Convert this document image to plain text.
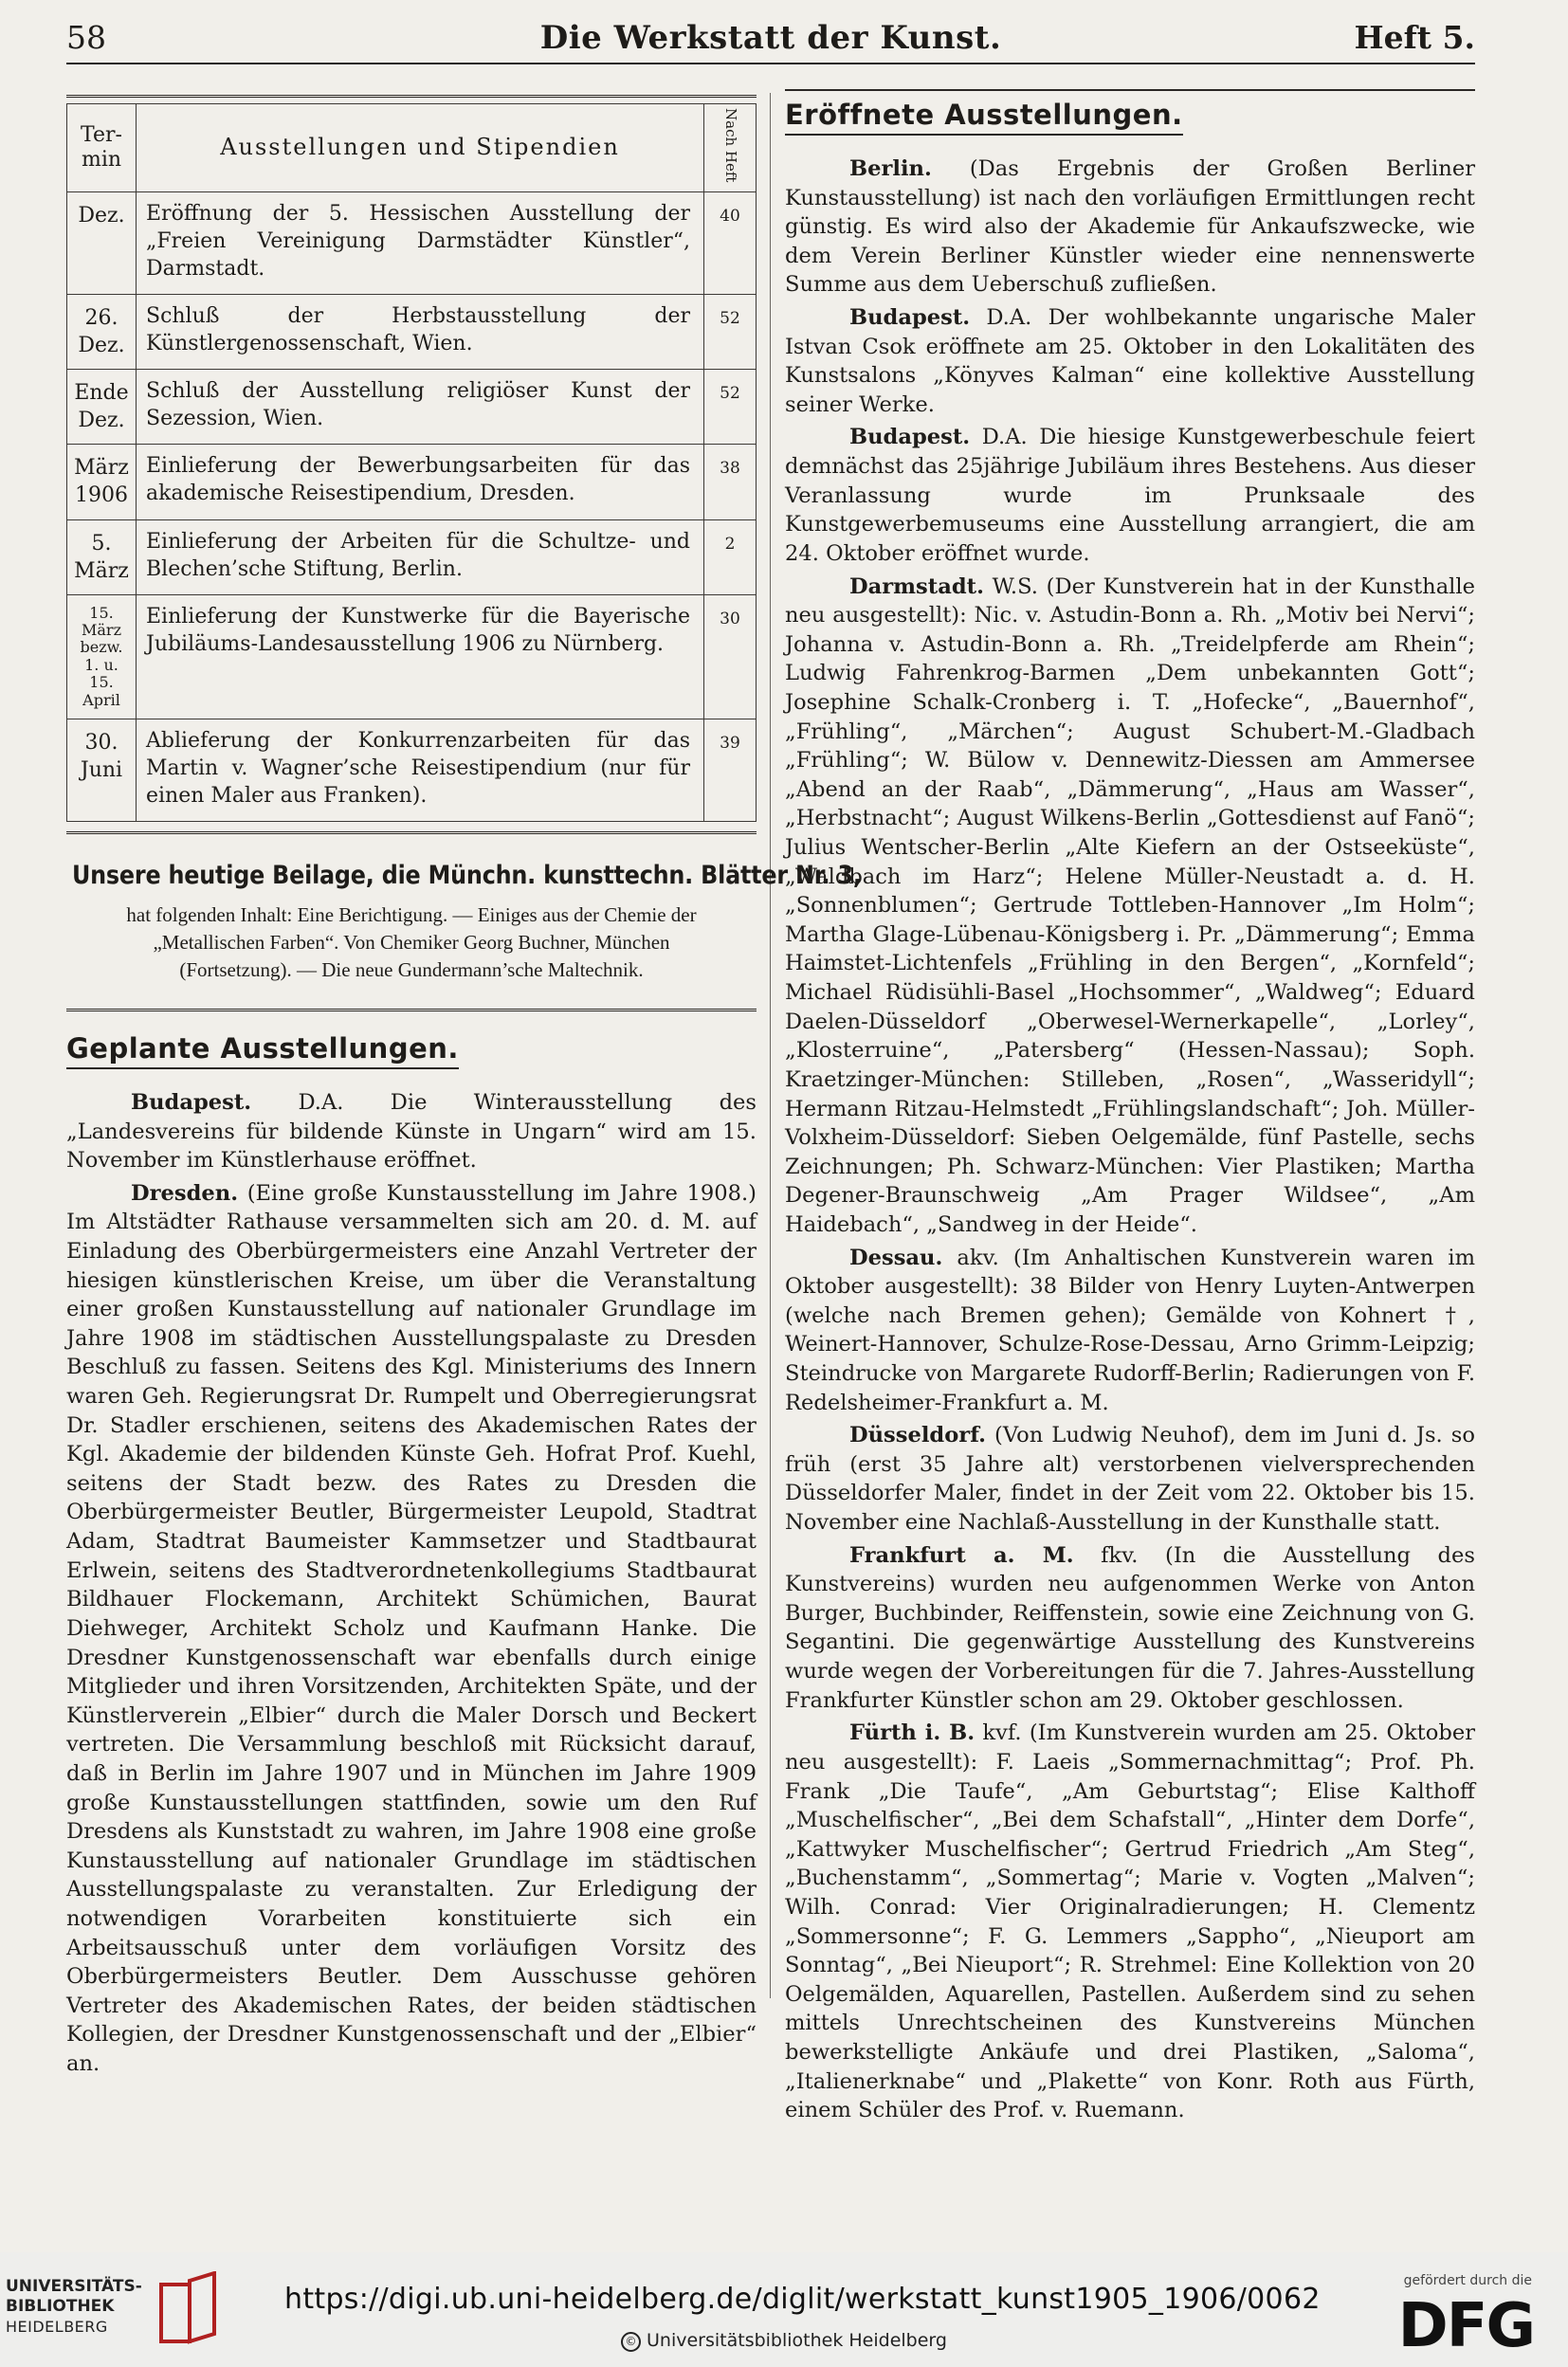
58	Die Werkstatt der Kunst.	Heft 5.
Ter-
min	Ausstellungen und Stipendien	Nach Heft
Dez.	Eröffnung der 5. Hessischen Ausstellung der „Freien Vereinigung Darmstädter Künstler“, Darmstadt.	40
26.
Dez.	Schluß der Herbstausstellung der Künstlergenossenschaft, Wien.	52
Ende
Dez.	Schluß der Ausstellung religiöser Kunst der Sezession, Wien.	52
März
1906	Einlieferung der Bewerbungsarbeiten für das akademische Reisestipendium, Dresden.	38
5.
März	Einlieferung der Arbeiten für die Schultze- und Blechen’sche Stiftung, Berlin.	2
15.
März
bezw.
1. u. 15.
April	Einlieferung der Kunstwerke für die Bayerische Jubiläums-Landesausstellung 1906 zu Nürnberg.	30
30.
Juni	Ablieferung der Konkurrenzarbeiten für das Martin v. Wagner’sche Reisestipendium (nur für einen Maler aus Franken).	39
Unsere heutige Beilage, die Münchn. kunsttechn. Blätter Nr. 3,
hat folgenden Inhalt: Eine Berichtigung. — Einiges aus der Chemie der „Metallischen Farben“. Von Chemiker Georg Buchner, München (Fortsetzung). — Die neue Gundermann’sche Maltechnik.
Geplante Ausstellungen.

Budapest. D.A. Die Winterausstellung des „Landesvereins für bildende Künste in Ungarn“ wird am 15. November im Künstlerhause eröffnet.

Dresden. (Eine große Kunstausstellung im Jahre 1908.) Im Altstädter Rathause versammelten sich am 20. d. M. auf Einladung des Oberbürgermeisters eine Anzahl Vertreter der hiesigen künstlerischen Kreise, um über die Veranstaltung einer großen Kunstausstellung auf nationaler Grundlage im Jahre 1908 im städtischen Ausstellungspalaste zu Dresden Beschluß zu fassen. Seitens des Kgl. Ministeriums des Innern waren Geh. Regierungsrat Dr. Rumpelt und Oberregierungsrat Dr. Stadler erschienen, seitens des Akademischen Rates der Kgl. Akademie der bildenden Künste Geh. Hofrat Prof. Kuehl, seitens der Stadt bezw. des Rates zu Dresden die Oberbürgermeister Beutler, Bürgermeister Leupold, Stadtrat Adam, Stadtrat Baumeister Kammsetzer und Stadtbaurat Erlwein, seitens des Stadtverordnetenkollegiums Stadtbaurat Bildhauer Flockemann, Architekt Schümichen, Baurat Diehweger, Architekt Scholz und Kaufmann Hanke. Die Dresdner Kunstgenossenschaft war ebenfalls durch einige Mitglieder und ihren Vorsitzenden, Architekten Späte, und der Künstlerverein „Elbier“ durch die Maler Dorsch und Beckert vertreten. Die Versammlung beschloß mit Rücksicht darauf, daß in Berlin im Jahre 1907 und in München im Jahre 1909 große Kunstausstellungen stattfinden, sowie um den Ruf Dresdens als Kunststadt zu wahren, im Jahre 1908 eine große Kunstausstellung auf nationaler Grundlage im städtischen Ausstellungspalaste zu veranstalten. Zur Erledigung der notwendigen Vorarbeiten konstituierte sich ein Arbeitsausschuß unter dem vorläufigen Vorsitz des Oberbürgermeisters Beutler. Dem Ausschusse gehören Vertreter des Akademischen Rates, der beiden städtischen Kollegien, der Dresdner Kunstgenossenschaft und der „Elbier“ an.

Eröffnete Ausstellungen.

Berlin. (Das Ergebnis der Großen Berliner Kunstausstellung) ist nach den vorläufigen Ermittlungen recht günstig. Es wird also der Akademie für Ankaufszwecke, wie dem Verein Berliner Künstler wieder eine nennenswerte Summe aus dem Ueberschuß zufließen.

Budapest. D.A. Der wohlbekannte ungarische Maler Istvan Csok eröffnete am 25. Oktober in den Lokalitäten des Kunstsalons „Könyves Kalman“ eine kollektive Ausstellung seiner Werke.

Budapest. D.A. Die hiesige Kunstgewerbeschule feiert demnächst das 25jährige Jubiläum ihres Bestehens. Aus dieser Veranlassung wurde im Prunksaale des Kunstgewerbemuseums eine Ausstellung arrangiert, die am 24. Oktober eröffnet wurde.

Darmstadt. W.S. (Der Kunstverein hat in der Kunsthalle neu ausgestellt): Nic. v. Astudin-Bonn a. Rh. „Motiv bei Nervi“; Johanna v. Astudin-Bonn a. Rh. „Treidelpferde am Rhein“; Ludwig Fahrenkrog-Barmen „Dem unbekannten Gott“; Josephine Schalk-Cronberg i. T. „Hofecke“, „Bauernhof“, „Frühling“, „Märchen“; August Schubert-M.-Gladbach „Frühling“; W. Bülow v. Dennewitz-Diessen am Ammersee „Abend an der Raab“, „Dämmerung“, „Haus am Wasser“, „Herbstnacht“; August Wilkens-Berlin „Gottesdienst auf Fanö“; Julius Wentscher-Berlin „Alte Kiefern an der Ostseeküste“, „Waldbach im Harz“; Helene Müller-Neustadt a. d. H. „Sonnenblumen“; Gertrude Tottleben-Hannover „Im Holm“; Martha Glage-Lübenau-Königsberg i. Pr. „Dämmerung“; Emma Haimstet-Lichtenfels „Frühling in den Bergen“, „Kornfeld“; Michael Rüdisühli-Basel „Hochsommer“, „Waldweg“; Eduard Daelen-Düsseldorf „Oberwesel-Wernerkapelle“, „Lorley“, „Klosterruine“, „Patersberg“ (Hessen-Nassau); Soph. Kraetzinger-München: Stilleben, „Rosen“, „Wasseridyll“; Hermann Ritzau-Helmstedt „Frühlingslandschaft“; Joh. Müller-Volxheim-Düsseldorf: Sieben Oelgemälde, fünf Pastelle, sechs Zeichnungen; Ph. Schwarz-München: Vier Plastiken; Martha Degener-Braunschweig „Am Prager Wildsee“, „Am Haidebach“, „Sandweg in der Heide“.

Dessau. akv. (Im Anhaltischen Kunstverein waren im Oktober ausgestellt): 38 Bilder von Henry Luyten-Antwerpen (welche nach Bremen gehen); Gemälde von Kohnert †, Weinert-Hannover, Schulze-Rose-Dessau, Arno Grimm-Leipzig; Steindrucke von Margarete Rudorff-Berlin; Radierungen von F. Redelsheimer-Frankfurt a. M.

Düsseldorf. (Von Ludwig Neuhof), dem im Juni d. Js. so früh (erst 35 Jahre alt) verstorbenen vielversprechenden Düsseldorfer Maler, findet in der Zeit vom 22. Oktober bis 15. November eine Nachlaß-Ausstellung in der Kunsthalle statt.

Frankfurt a. M. fkv. (In die Ausstellung des Kunstvereins) wurden neu aufgenommen Werke von Anton Burger, Buchbinder, Reiffenstein, sowie eine Zeichnung von G. Segantini. Die gegenwärtige Ausstellung des Kunstvereins wurde wegen der Vorbereitungen für die 7. Jahres-Ausstellung Frankfurter Künstler schon am 29. Oktober geschlossen.

Fürth i. B. kvf. (Im Kunstverein wurden am 25. Oktober neu ausgestellt): F. Laeis „Sommernachmittag“; Prof. Ph. Frank „Die Taufe“, „Am Geburtstag“; Elise Kalthoff „Muschelfischer“, „Bei dem Schafstall“, „Hinter dem Dorfe“, „Kattwyker Muschelfischer“; Gertrud Friedrich „Am Steg“, „Buchenstamm“, „Sommertag“; Marie v. Vogten „Malven“; Wilh. Conrad: Vier Originalradierungen; H. Clementz „Sommersonne“; F. G. Lemmers „Sappho“, „Nieuport am Sonntag“, „Bei Nieuport“; R. Strehmel: Eine Kollektion von 20 Oelgemälden, Aquarellen, Pastellen. Außerdem sind zu sehen mittels Unrechtscheinen des Kunstvereins München bewerkstelligte Ankäufe und drei Plastiken, „Saloma“, „Italienerknabe“ und „Plakette“ von Konr. Roth aus Fürth, einem Schüler des Prof. v. Ruemann.

UNIVERSITÄTS-
BIBLIOTHEK
HEIDELBERG
https://digi.ub.uni-heidelberg.de/diglit/werkstatt_kunst1905_1906/0062
© Universitätsbibliothek Heidelberg
gefördert durch die
DFG
